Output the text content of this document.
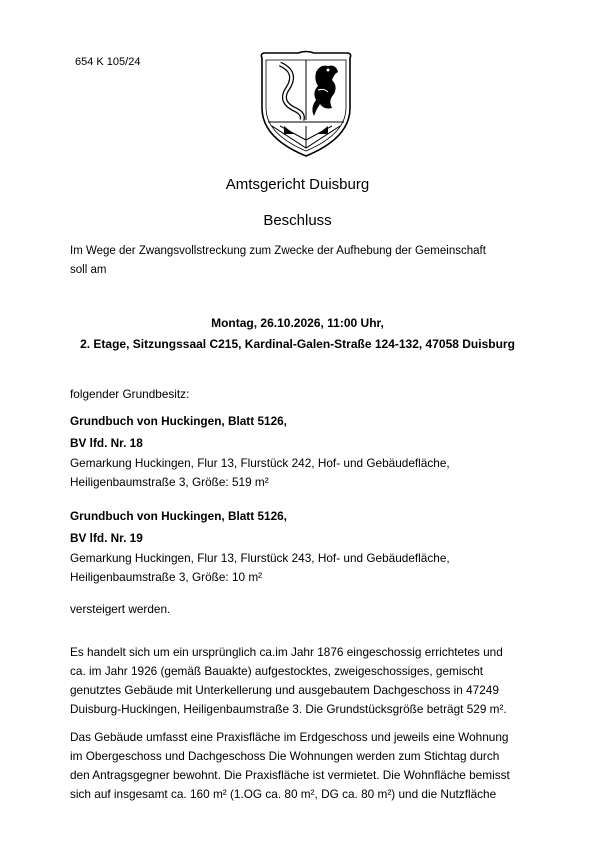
654 K 105/24
Amtsgericht Duisburg
Beschluss
Im Wege der Zwangsvollstreckung zum Zwecke der Aufhebung der Gemeinschaft
soll am
Montag, 26.10.2026, 11:00 Uhr,
2. Etage, Sitzungssaal C215, Kardinal-Galen-Straße 124-132, 47058 Duisburg
folgender Grundbesitz:
Grundbuch von Huckingen, Blatt 5126,
BV lfd. Nr. 18
Gemarkung Huckingen, Flur 13, Flurstück 242, Hof- und Gebäudefläche,
Heiligenbaumstraße 3, Größe: 519 m²
Grundbuch von Huckingen, Blatt 5126,
BV lfd. Nr. 19
Gemarkung Huckingen, Flur 13, Flurstück 243, Hof- und Gebäudefläche,
Heiligenbaumstraße 3, Größe: 10 m²
versteigert werden.
Es handelt sich um ein ursprünglich ca.im Jahr 1876 eingeschossig errichtetes und
ca. im Jahr 1926 (gemäß Bauakte) aufgestocktes, zweigeschossiges, gemischt
genutztes Gebäude mit Unterkellerung und ausgebautem Dachgeschoss in 47249
Duisburg-Huckingen, Heiligenbaumstraße 3. Die Grundstücksgröße beträgt 529 m².
Das Gebäude umfasst eine Praxisfläche im Erdgeschoss und jeweils eine Wohnung
im Obergeschoss und Dachgeschoss Die Wohnungen werden zum Stichtag durch
den Antragsgegner bewohnt. Die Praxisfläche ist vermietet. Die Wohnfläche bemisst
sich auf insgesamt ca. 160 m² (1.OG ca. 80 m², DG ca. 80 m²) und die Nutzfläche
